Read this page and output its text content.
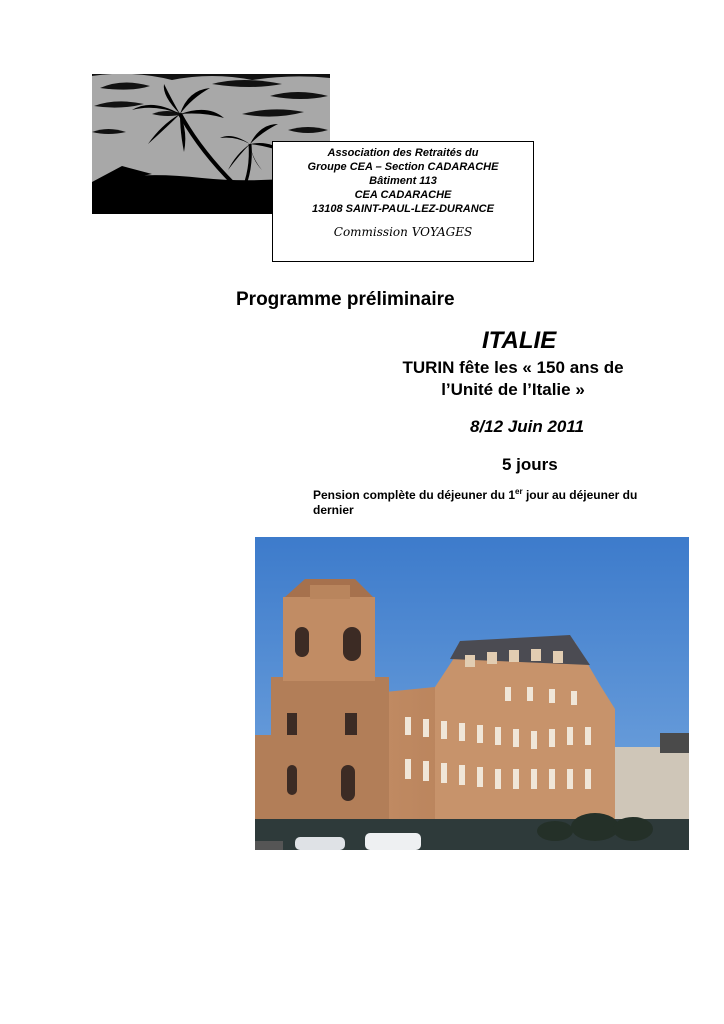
Association des Retraités du
Groupe CEA – Section CADARACHE
Bâtiment 113
CEA CADARACHE
13108 SAINT-PAUL-LEZ-DURANCE
Commission VOYAGES
Programme préliminaire
ITALIE
TURIN fête les « 150 ans de
l’Unité de l’Italie »
8/12 Juin 2011
5 jours
Pension complète du déjeuner du 1er jour au déjeuner du dernier
